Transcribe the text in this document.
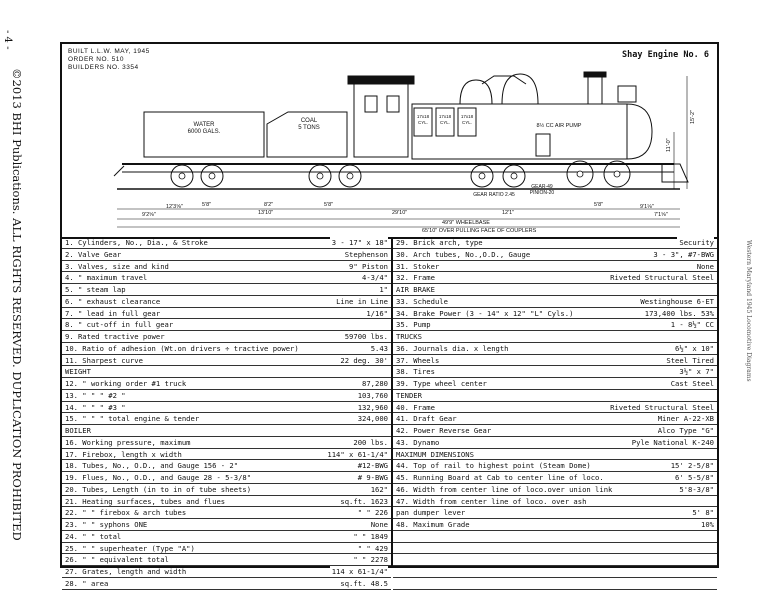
- 4 -
©2013 BHI Publications. ALL RIGHTS RESERVED. DUPLICATION PROHIBITED	Western Maryland 1945 Locomotive Diagrams
BUILT L.L.W. MAY, 1945
ORDER NO. 510
BUILDERS NO. 3354
Shay Engine No. 6
WATER
6000 GALS.
COAL
5 TONS
17x18 CYL.
17x18 CYL.
17x18 CYL.
8½ CC AIR PUMP
GEAR RATIO 2.45
GEAR-49
PINION-20
15'-2"
11'-0"
5'8"	8'2"	5'8"
29'10"	12'1"
5'8"	9'1⅛"
7'1⅝"
12'3⅝"
9'2⅝"	13'10"
49'9" WHEELBASE
65'10" OVER PULLING FACE OF COUPLERS
1. Cylinders, No., Dia., & Stroke	3 - 17" x 18"
2. Valve Gear	Stephenson
3. Valves, size and kind	9" Piston
4. " maximum travel	4-3/4"
5. " steam lap	1"
6. " exhaust clearance	Line in Line
7. " lead in full gear	1/16"
8. " cut-off in full gear
9. Rated tractive power	59700 lbs.
10. Ratio of adhesion (Wt.on drivers ÷ tractive power)	5.43
11. Sharpest curve	22 deg. 30'
WEIGHT
12. " working order #1 truck	87,280
13. " " " #2 "	103,760
14. " " " #3 "	132,960
15. " " " total engine & tender	324,000
BOILER
16. Working pressure, maximum	200 lbs.
17. Firebox, length x width	114" x 61-1/4"
18. Tubes, No., O.D., and Gauge 156 - 2"	#12-BWG
19. Flues, No., O.D., and Gauge 28 - 5-3/8"	# 9-BWG
20. Tubes, Length (in to in of tube sheets)	162"
21. Heating surfaces, tubes and flues	sq.ft. 1623
22. " " firebox & arch tubes	" " 226
23. " " syphons ONE	None
24. " " total	" " 1849
25. " " superheater (Type "A")	" " 429
26. " " equivalent total	" " 2278
27. Grates, length and width	114 x 61-1/4"
28. " area	sq.ft. 48.5
29. Brick arch, type	Security
30. Arch tubes, No.,O.D., Gauge	3 - 3", #7-BWG
31. Stoker	None
32. Frame	Riveted Structural Steel
AIR BRAKE
33. Schedule	Westinghouse 6-ET
34. Brake Power (3 - 14" x 12" "L" Cyls.)	173,400 lbs. 53%
35. Pump	1 - 8½" CC
TRUCKS
36. Journals dia. x length	6½" x 10"
37. Wheels	Steel Tired
38. Tires	3½" x 7"
39. Type wheel center	Cast Steel
TENDER
40. Frame	Riveted Structural Steel
41. Draft Gear	Miner A-22-XB
42. Power Reverse Gear	Alco Type "G"
43. Dynamo	Pyle National K-240
MAXIMUM DIMENSIONS
44. Top of rail to highest point (Steam Dome)	15' 2-5/8"
45. Running Board at Cab to center line of loco.	6' 5-5/8"
46. Width from center line of loco.over union link	5'8-3/8"
47. Width from center line of loco. over ash
pan dumper lever	5' 8"
48. Maximum Grade	10%
